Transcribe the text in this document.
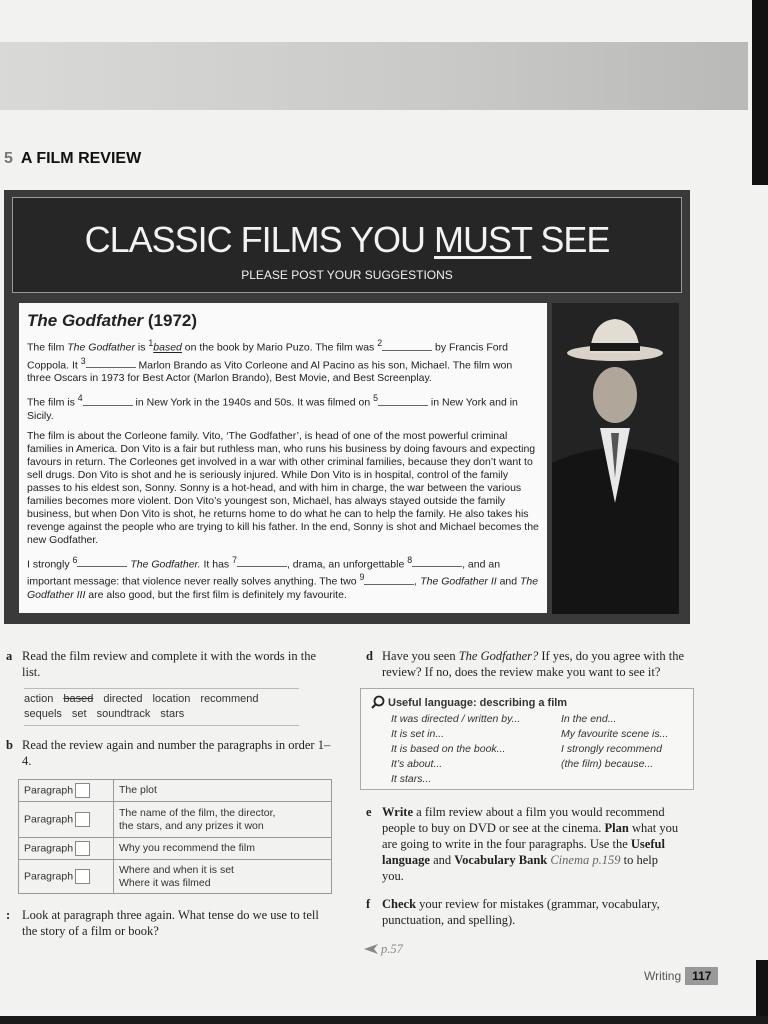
5 A FILM REVIEW
CLASSIC FILMS YOU MUST SEE
PLEASE POST YOUR SUGGESTIONS
The Godfather (1972)

The film The Godfather is $^1$based on the book by Mario Puzo. The film was $^2$	by Francis Ford Coppola. It $^3$	Marlon Brando as Vito Corleone and Al Pacino as his son, Michael. The film won three Oscars in 1973 for Best Actor (Marlon Brando), Best Movie, and Best Screenplay.

The film is $^4$	in New York in the 1940s and 50s. It was filmed on $^5$	in New York and in Sicily.

The film is about the Corleone family. Vito, ‘The Godfather’, is head of one of the most powerful criminal families in America. Don Vito is a fair but ruthless man, who runs his business by doing favours and expecting favours in return. The Corleones get involved in a war with other criminal families, because they don’t want to sell drugs. Don Vito is shot and he is seriously injured. While Don Vito is in hospital, control of the family passes to his eldest son, Sonny. Sonny is a hot-head, and with him in charge, the war between the various families becomes more violent. Don Vito’s youngest son, Michael, has always stayed outside the family business, but when Don Vito is shot, he returns home to do what he can to help the family. He also takes his revenge against the people who are trying to kill his father. In the end, Sonny is shot and Michael becomes the new Godfather.

I strongly $^6$	The Godfather. It has $^7$	, drama, an unforgettable $^8$	, and an important message: that violence never really solves anything. The two $^9$	, The Godfather II and The Godfather III are also good, but the first film is definitely my favourite.

a Read the film review and complete it with the words in the list.
action based directed location recommend
sequels set soundtrack stars
b Read the review again and number the paragraphs in order 1–4.
Paragraph	The plot
Paragraph	The name of the film, the director,
the stars, and any prizes it won
Paragraph	Why you recommend the film
Paragraph	Where and when it is set
Where it was filmed
: Look at paragraph three again. What tense do we use to tell the story of a film or book?
d Have you seen The Godfather? If yes, do you agree with the review? If no, does the review make you want to see it?
Useful language: describing a film
It was directed / written by...
It is set in...
It is based on the book...
It’s about...
It stars...
In the end...
My favourite scene is...
I strongly recommend
(the film) because...
e Write a film review about a film you would recommend people to buy on DVD or see at the cinema. Plan what you are going to write in the four paragraphs. Use the Useful language and Vocabulary Bank Cinema p.159 to help you.
f Check your review for mistakes (grammar, vocabulary, punctuation, and spelling).
p.57
Writing 117
